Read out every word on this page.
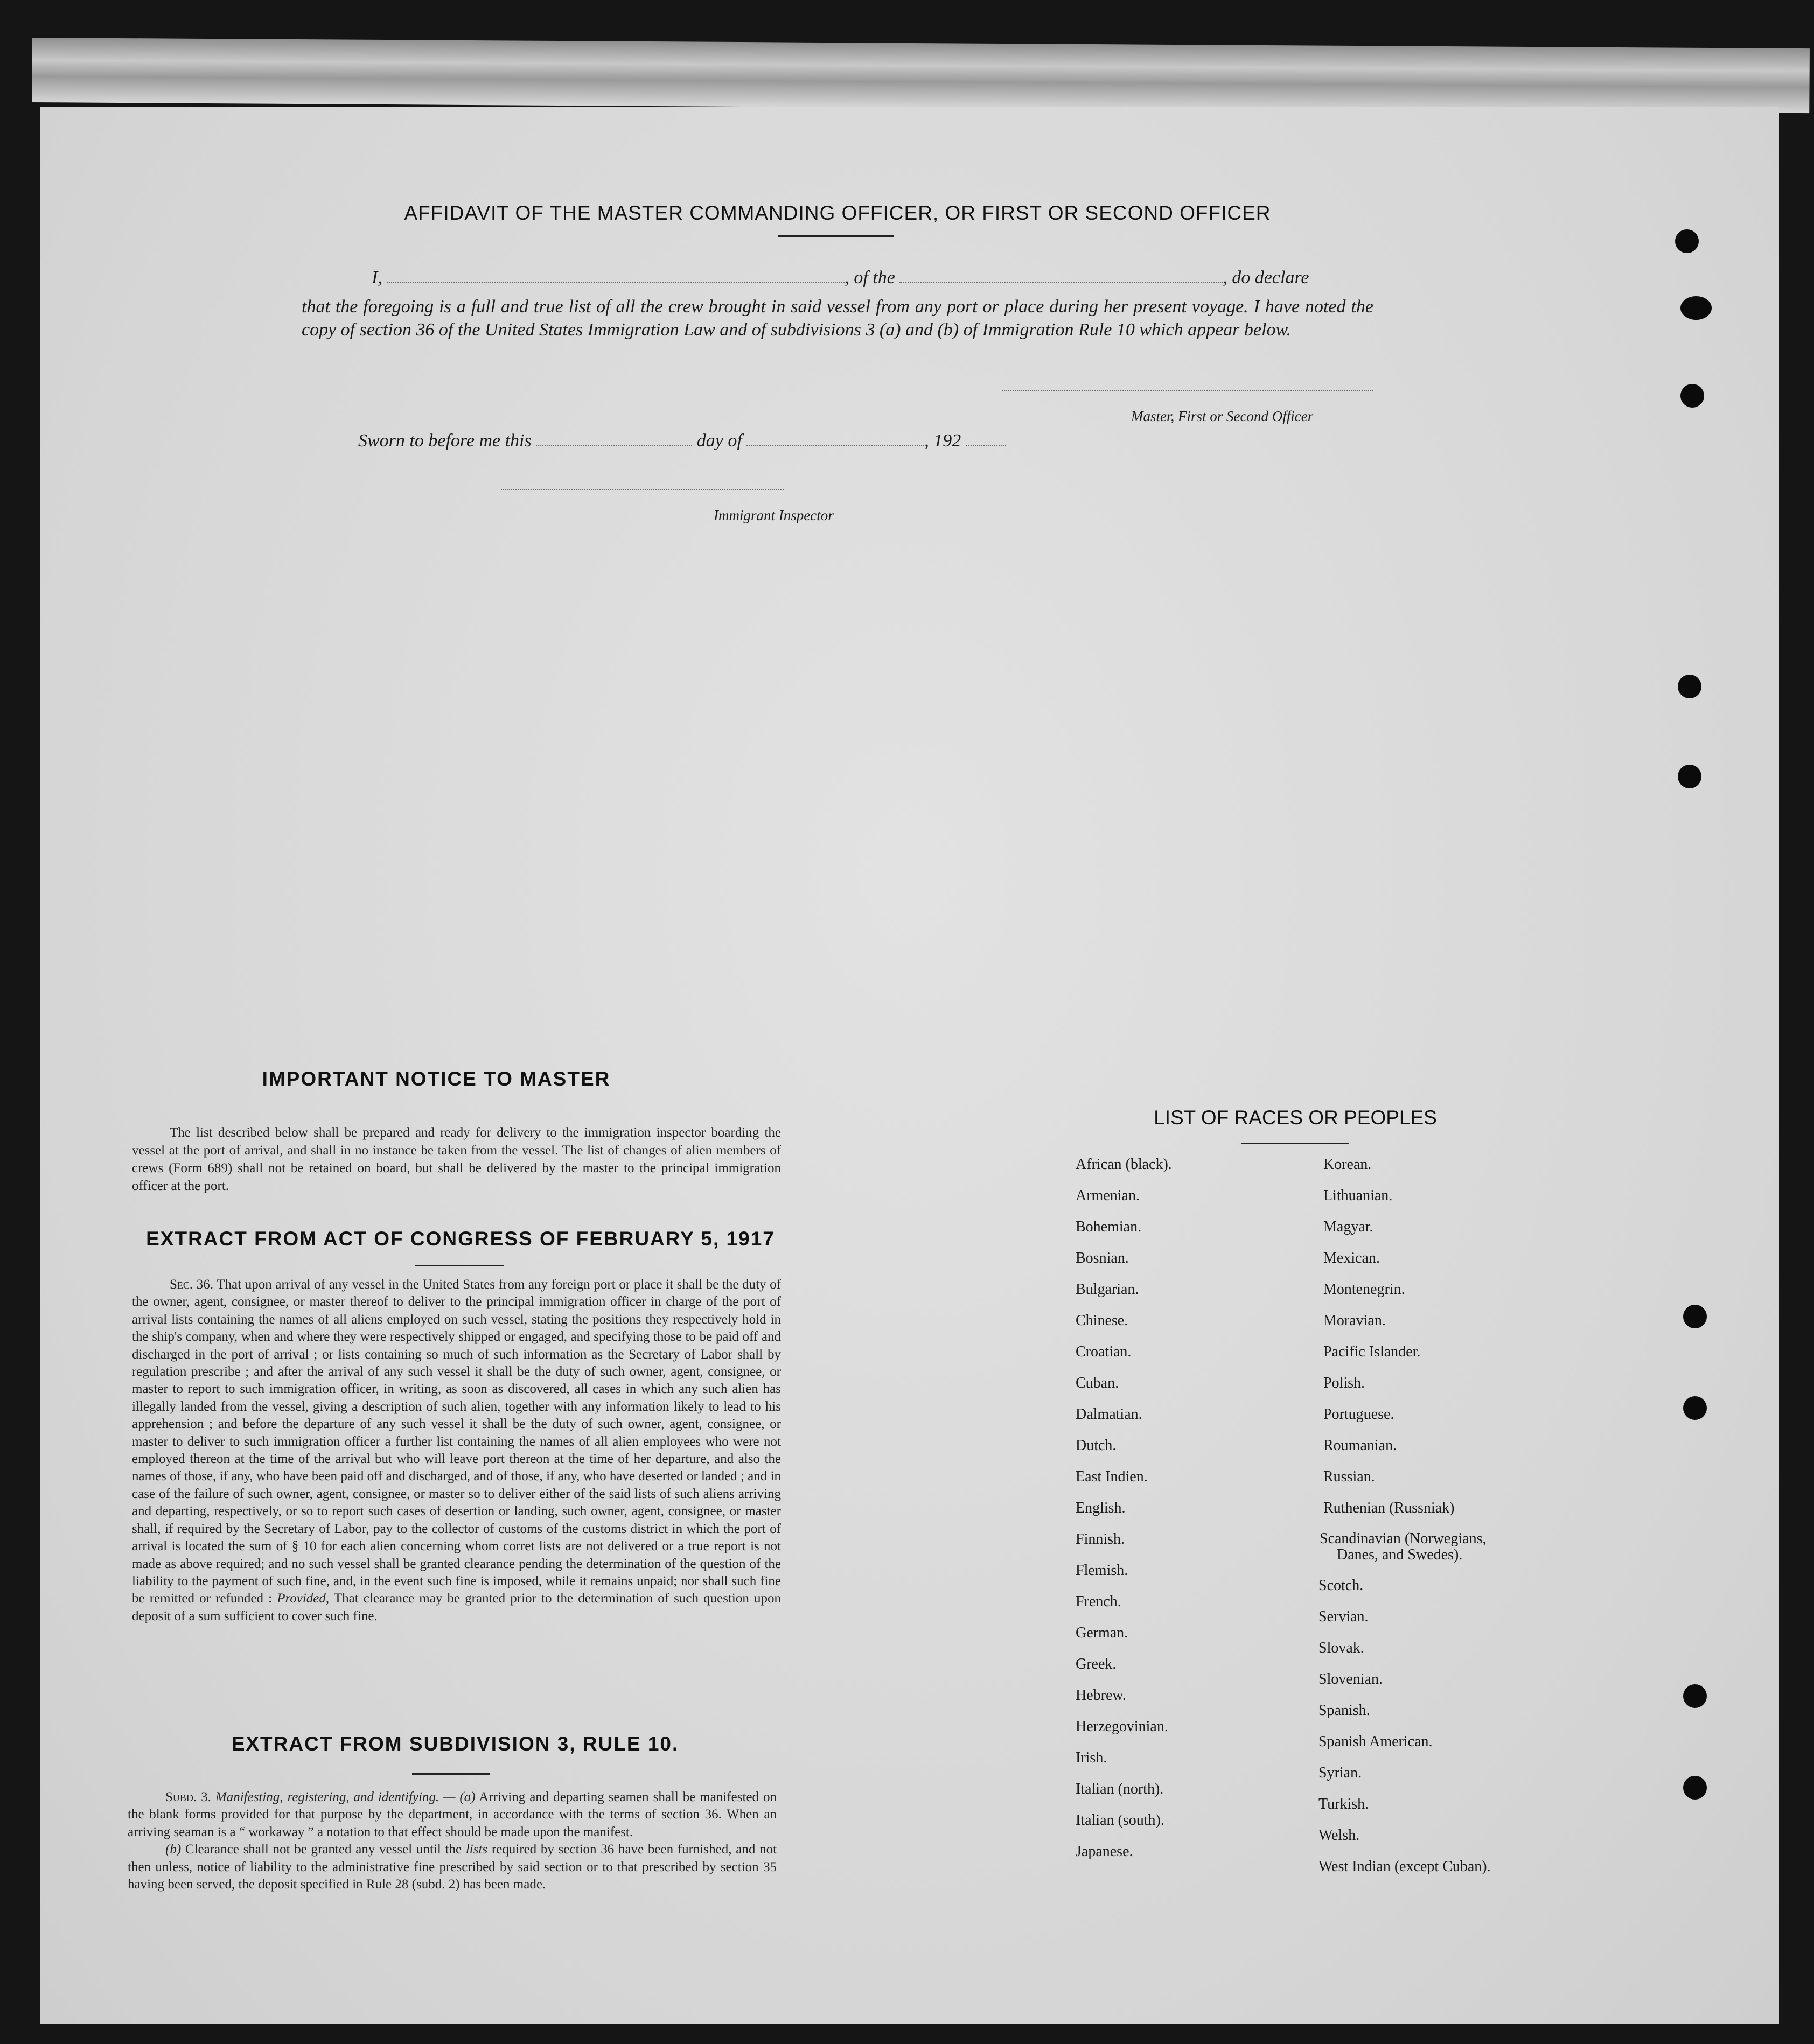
AFFIDAVIT OF THE MASTER COMMANDING OFFICER, OR FIRST OR SECOND OFFICER
I,	, of the	, do declare
that the foregoing is a full and true list of all the crew brought in said vessel from any port or place during her present voyage. I have noted the copy of section 36 of the United States Immigration Law and of subdivisions 3 (a) and (b) of Immigration Rule 10 which appear below.
Master, First or Second Officer
Sworn to before me this	day of	, 192
Immigrant Inspector
IMPORTANT NOTICE TO MASTER

The list described below shall be prepared and ready for delivery to the immigration inspector boarding the vessel at the port of arrival, and shall in no instance be taken from the vessel. The list of changes of alien members of crews (Form 689) shall not be retained on board, but shall be delivered by the master to the principal immigration officer at the port.

EXTRACT FROM ACT OF CONGRESS OF FEBRUARY 5, 1917

Sec. 36. That upon arrival of any vessel in the United States from any foreign port or place it shall be the duty of the owner, agent, consignee, or master thereof to deliver to the principal immigration officer in charge of the port of arrival lists containing the names of all aliens employed on such vessel, stating the positions they respectively hold in the ship's company, when and where they were respectively shipped or engaged, and specifying those to be paid off and discharged in the port of arrival ; or lists containing so much of such information as the Secretary of Labor shall by regulation prescribe ; and after the arrival of any such vessel it shall be the duty of such owner, agent, consignee, or master to report to such immigration officer, in writing, as soon as discovered, all cases in which any such alien has illegally landed from the vessel, giving a description of such alien, together with any information likely to lead to his apprehension ; and before the departure of any such vessel it shall be the duty of such owner, agent, consignee, or master to deliver to such immigration officer a further list containing the names of all alien employees who were not employed thereon at the time of the arrival but who will leave port thereon at the time of her departure, and also the names of those, if any, who have been paid off and discharged, and of those, if any, who have deserted or landed ; and in case of the failure of such owner, agent, consignee, or master so to deliver either of the said lists of such aliens arriving and departing, respectively, or so to report such cases of desertion or landing, such owner, agent, consignee, or master shall, if required by the Secretary of Labor, pay to the collector of customs of the customs district in which the port of arrival is located the sum of § 10 for each alien concerning whom corret lists are not delivered or a true report is not made as above required; and no such vessel shall be granted clearance pending the determination of the question of the liability to the payment of such fine, and, in the event such fine is imposed, while it remains unpaid; nor shall such fine be remitted or refunded : Provided, That clearance may be granted prior to the determination of such question upon deposit of a sum sufficient to cover such fine.

EXTRACT FROM SUBDIVISION 3, RULE 10.

Subd. 3. Manifesting, registering, and identifying. — (a) Arriving and departing seamen shall be manifested on the blank forms provided for that purpose by the department, in accordance with the terms of section 36. When an arriving seaman is a “ workaway ” a notation to that effect should be made upon the manifest.

(b) Clearance shall not be granted any vessel until the lists required by section 36 have been furnished, and not then unless, notice of liability to the administrative fine prescribed by said section or to that prescribed by section 35 having been served, the deposit specified in Rule 28 (subd. 2) has been made.

LIST OF RACES OR PEOPLES
African (black).
Armenian.
Bohemian.
Bosnian.
Bulgarian.
Chinese.
Croatian.
Cuban.
Dalmatian.
Dutch.
East Indien.
English.
Finnish.
Flemish.
French.
German.
Greek.
Hebrew.
Herzegovinian.
Irish.
Italian (north).
Italian (south).
Japanese.
Korean.
Lithuanian.
Magyar.
Mexican.
Montenegrin.
Moravian.
Pacific Islander.
Polish.
Portuguese.
Roumanian.
Russian.
Ruthenian (Russniak)
Scandinavian (Norwegians,
Danes, and Swedes).
Scotch.
Servian.
Slovak.
Slovenian.
Spanish.
Spanish American.
Syrian.
Turkish.
Welsh.
West Indian (except Cuban).
